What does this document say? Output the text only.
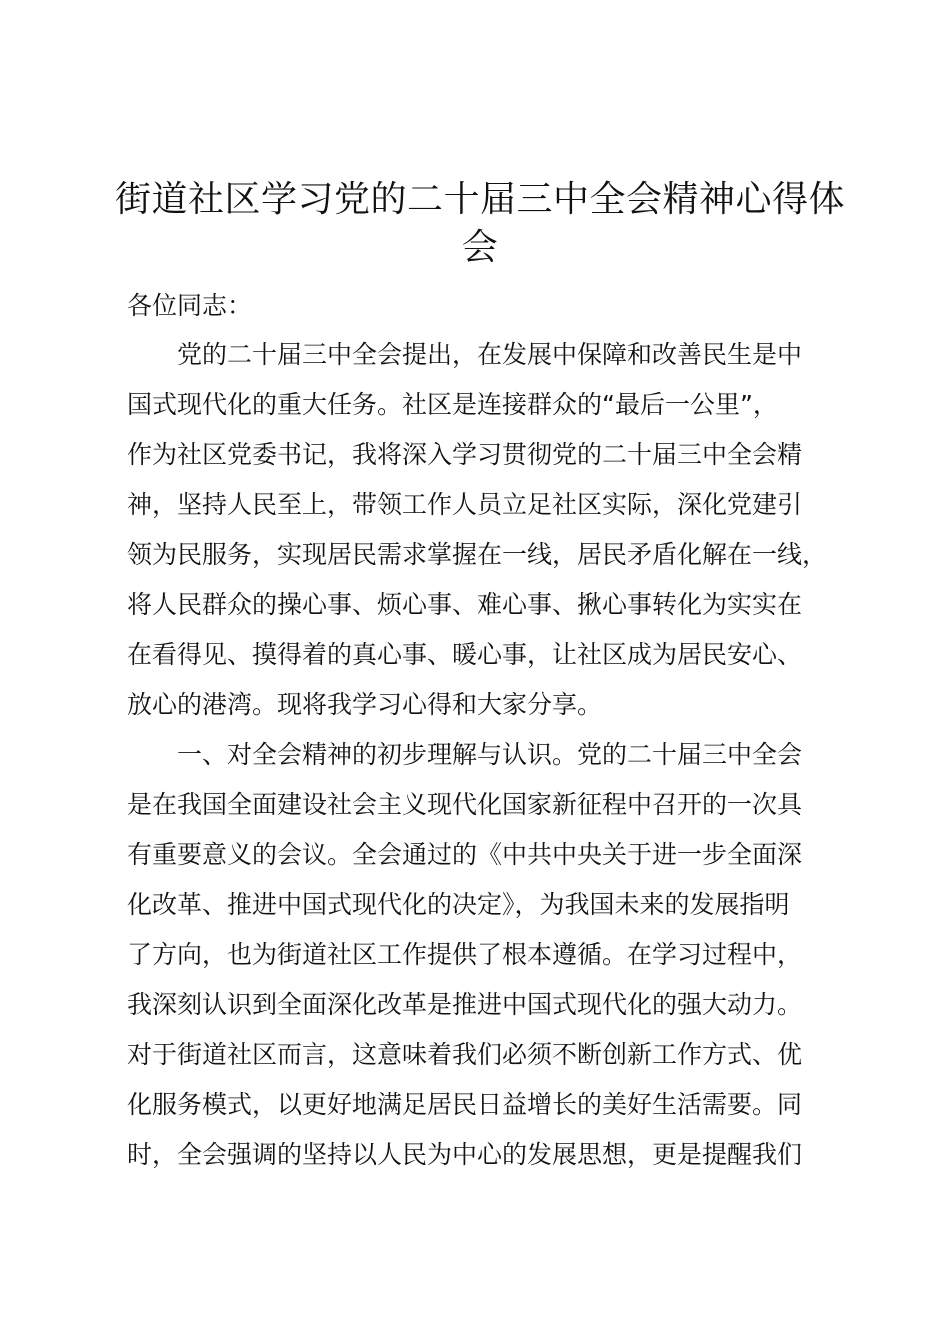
街道社区学习党的二十届三中全会精神心得体
会
各位同志：
　　党的二十届三中全会提出，在发展中保障和改善民生是中
国式现代化的重大任务。社区是连接群众的“最后一公里”，
作为社区党委书记，我将深入学习贯彻党的二十届三中全会精
神，坚持人民至上，带领工作人员立足社区实际，深化党建引
领为民服务，实现居民需求掌握在一线，居民矛盾化解在一线，
将人民群众的操心事、烦心事、难心事、揪心事转化为实实在
在看得见、摸得着的真心事、暖心事，让社区成为居民安心、
放心的港湾。现将我学习心得和大家分享。
　　一、对全会精神的初步理解与认识。党的二十届三中全会
是在我国全面建设社会主义现代化国家新征程中召开的一次具
有重要意义的会议。全会通过的《中共中央关于进一步全面深
化改革、推进中国式现代化的决定》，为我国未来的发展指明
了方向，也为街道社区工作提供了根本遵循。在学习过程中，
我深刻认识到全面深化改革是推进中国式现代化的强大动力。
对于街道社区而言，这意味着我们必须不断创新工作方式、优
化服务模式，以更好地满足居民日益增长的美好生活需要。同
时，全会强调的坚持以人民为中心的发展思想，更是提醒我们
